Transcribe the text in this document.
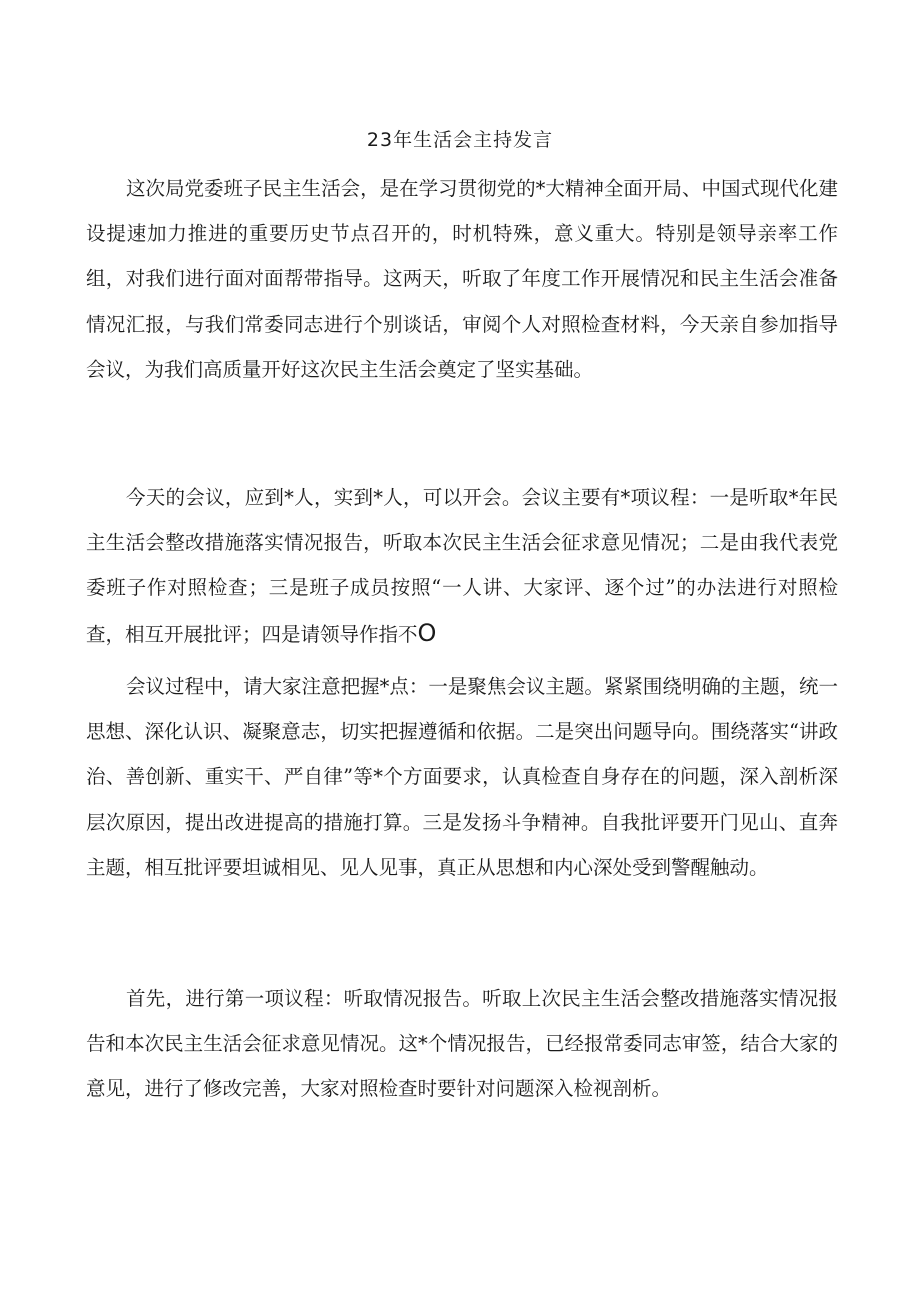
23年生活会主持发言

这次局党委班子民主生活会，是在学习贯彻党的*大精神全面开局、中国式现代化建设提速加力推进的重要历史节点召开的，时机特殊，意义重大。特别是领导亲率工作组，对我们进行面对面帮带指导。这两天，听取了年度工作开展情况和民主生活会准备情况汇报，与我们常委同志进行个别谈话，审阅个人对照检查材料，今天亲自参加指导会议，为我们高质量开好这次民主生活会奠定了坚实基础。

今天的会议，应到*人，实到*人，可以开会。会议主要有*项议程：一是听取*年民主生活会整改措施落实情况报告，听取本次民主生活会征求意见情况；二是由我代表党委班子作对照检查；三是班子成员按照“一人讲、大家评、逐个过”的办法进行对照检查，相互开展批评；四是请领导作指不O

会议过程中，请大家注意把握*点：一是聚焦会议主题。紧紧围绕明确的主题，统一思想、深化认识、凝聚意志，切实把握遵循和依据。二是突出问题导向。围绕落实“讲政治、善创新、重实干、严自律”等*个方面要求，认真检查自身存在的问题，深入剖析深层次原因，提出改进提高的措施打算。三是发扬斗争精神。自我批评要开门见山、直奔主题，相互批评要坦诚相见、见人见事，真正从思想和内心深处受到警醒触动。

首先，进行第一项议程：听取情况报告。听取上次民主生活会整改措施落实情况报告和本次民主生活会征求意见情况。这*个情况报告，已经报常委同志审签，结合大家的意见，进行了修改完善，大家对照检查时要针对问题深入检视剖析。
